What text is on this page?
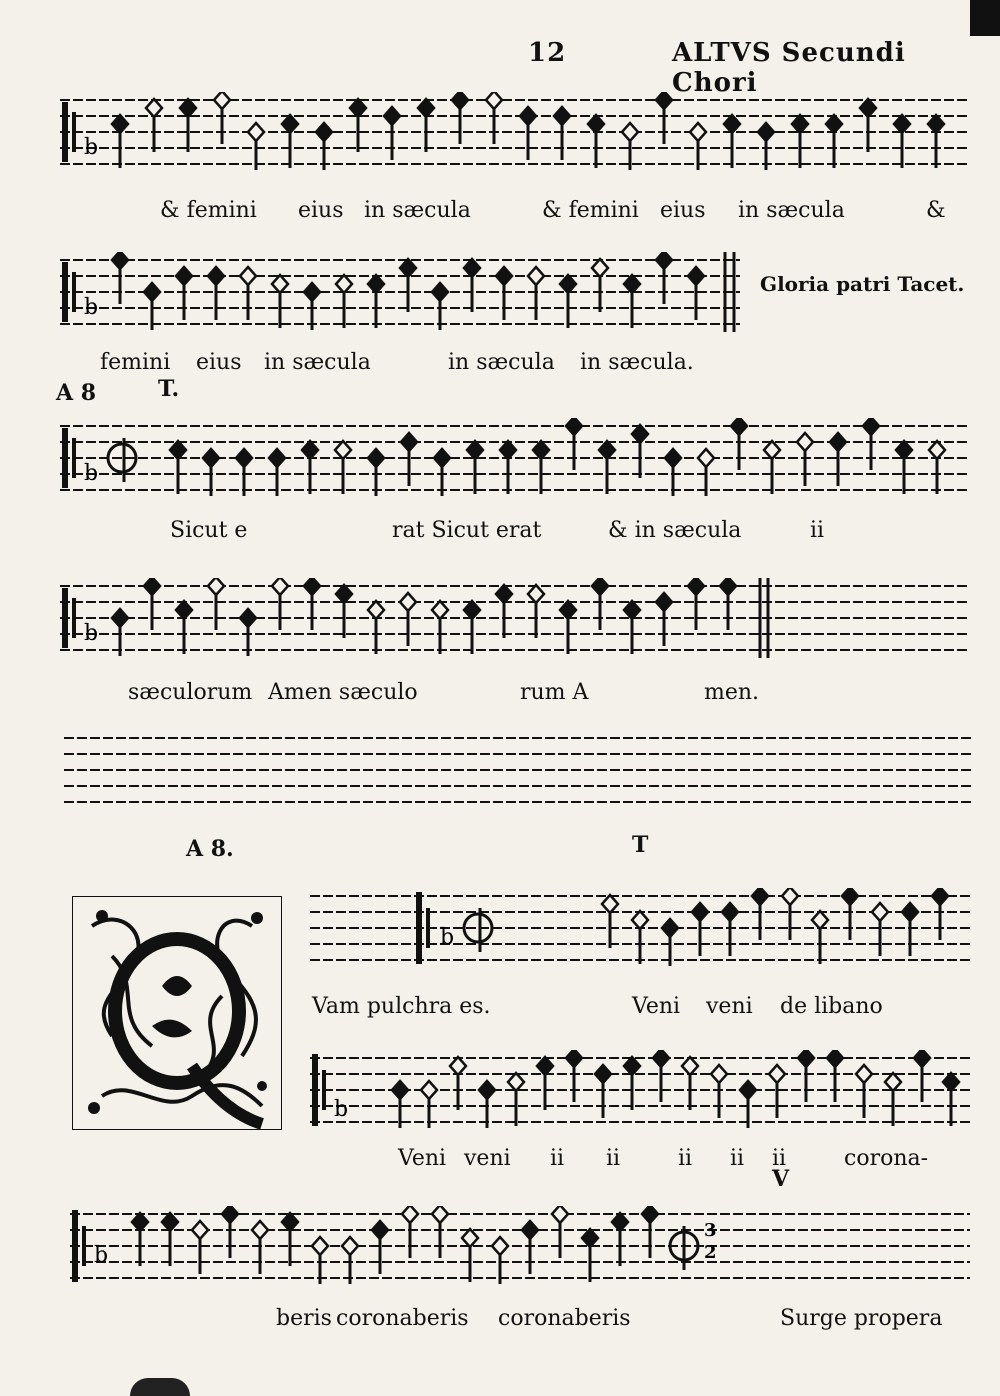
12	ALTVS Secundi Chori
b
& femini eius in sæcula	& femini eius in sæcula	&
b
Gloria patri Tacet.
femini eius in sæcula	in sæcula in sæcula.
A 8	T.
b
Sicut e	rat Sicut erat	& in sæcula	ii
b
sæculorum Amen sæculo	rum A	men.
A 8.	T
b
Vam pulchra es.	Veni veni de libano
b
Veni veni ii ii	ii ii ii	corona-
V
b
3
2
beris coronaberis coronaberis	Surge propera
